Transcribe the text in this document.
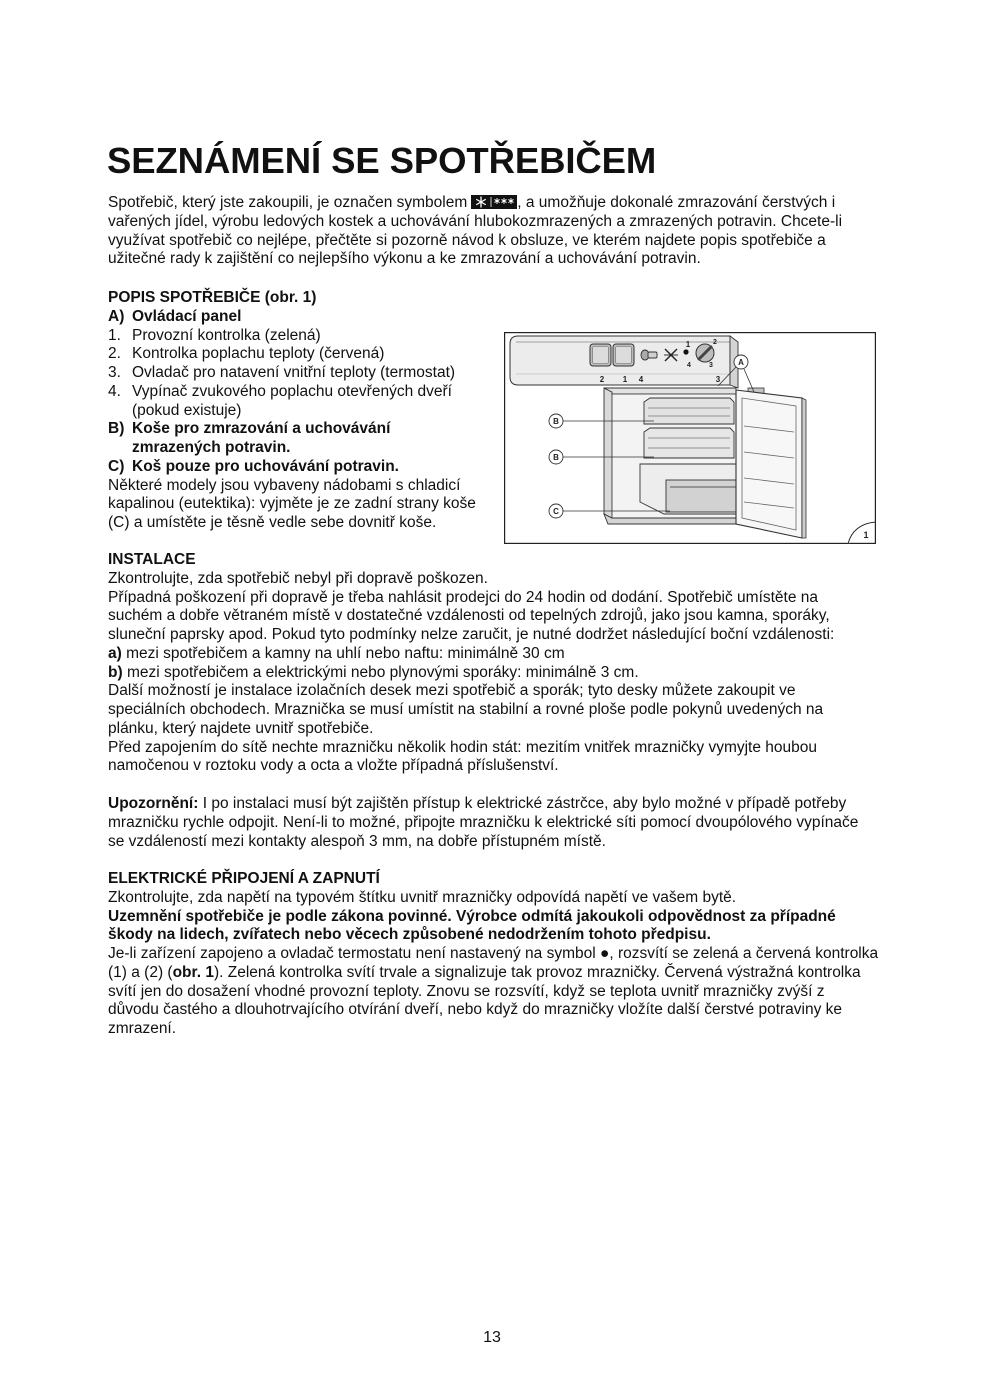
SEZNÁMENÍ SE SPOTŘEBIČEM
Spotřebič, který jste zakoupili, je označen symbolem	, a umožňuje dokonalé zmrazování čerstvých i
vařených jídel, výrobu ledových kostek a uchovávání hlubokozmrazených a zmrazených potravin. Chcete-li
využívat spotřebič co nejlépe, přečtěte si pozorně návod k obsluze, ve kterém najdete popis spotřebiče a
užitečné rady k zajištění co nejlepšího výkonu a ke zmrazování a uchovávání potravin.
POPIS SPOTŘEBIČE (obr. 1)
A) Ovládací panel
1. Provozní kontrolka (zelená)
2. Kontrolka poplachu teploty (červená)
3. Ovladač pro natavení vnitřní teploty (termostat)
4. Vypínač zvukového poplachu otevřených dveří
(pokud existuje)
B) Koše pro zmrazování a uchovávání
zmrazených potravin.
C) Koš pouze pro uchovávání potravin.
Některé modely jsou vybaveny nádobami s chladicí
kapalinou (eutektika): vyjměte je ze zadní strany koše
(C) a umístěte je těsně vedle sebe dovnitř koše.
1	2
4	3
2 1 4	3
A
B
B
C
1
INSTALACE
Zkontrolujte, zda spotřebič nebyl při dopravě poškozen.
Případná poškození při dopravě je třeba nahlásit prodejci do 24 hodin od dodání. Spotřebič umístěte na
suchém a dobře větraném místě v dostatečné vzdálenosti od tepelných zdrojů, jako jsou kamna, sporáky,
sluneční paprsky apod. Pokud tyto podmínky nelze zaručit, je nutné dodržet následující boční vzdálenosti:
a) mezi spotřebičem a kamny na uhlí nebo naftu: minimálně 30 cm
b) mezi spotřebičem a elektrickými nebo plynovými sporáky: minimálně 3 cm.
Další možností je instalace izolačních desek mezi spotřebič a sporák; tyto desky můžete zakoupit ve
speciálních obchodech. Mraznička se musí umístit na stabilní a rovné ploše podle pokynů uvedených na
plánku, který najdete uvnitř spotřebiče.
Před zapojením do sítě nechte mrazničku několik hodin stát: mezitím vnitřek mrazničky vymyjte houbou
namočenou v roztoku vody a octa a vložte případná příslušenství.
Upozornění: I po instalaci musí být zajištěn přístup k elektrické zástrčce, aby bylo možné v případě potřeby
mrazničku rychle odpojit. Není-li to možné, připojte mrazničku k elektrické síti pomocí dvoupólového vypínače
se vzdáleností mezi kontakty alespoň 3 mm, na dobře přístupném místě.
ELEKTRICKÉ PŘIPOJENÍ A ZAPNUTÍ
Zkontrolujte, zda napětí na typovém štítku uvnitř mrazničky odpovídá napětí ve vašem bytě.
Uzemnění spotřebiče je podle zákona povinné. Výrobce odmítá jakoukoli odpovědnost za případné
škody na lidech, zvířatech nebo věcech způsobené nedodržením tohoto předpisu.
Je-li zařízení zapojeno a ovladač termostatu není nastavený na symbol ●, rozsvítí se zelená a červená kontrolka
(1) a (2) (obr. 1). Zelená kontrolka svítí trvale a signalizuje tak provoz mrazničky. Červená výstražná kontrolka
svítí jen do dosažení vhodné provozní teploty. Znovu se rozsvítí, když se teplota uvnitř mrazničky zvýší z
důvodu častého a dlouhotrvajícího otvírání dveří, nebo když do mrazničky vložíte další čerstvé potraviny ke
zmrazení.
13
